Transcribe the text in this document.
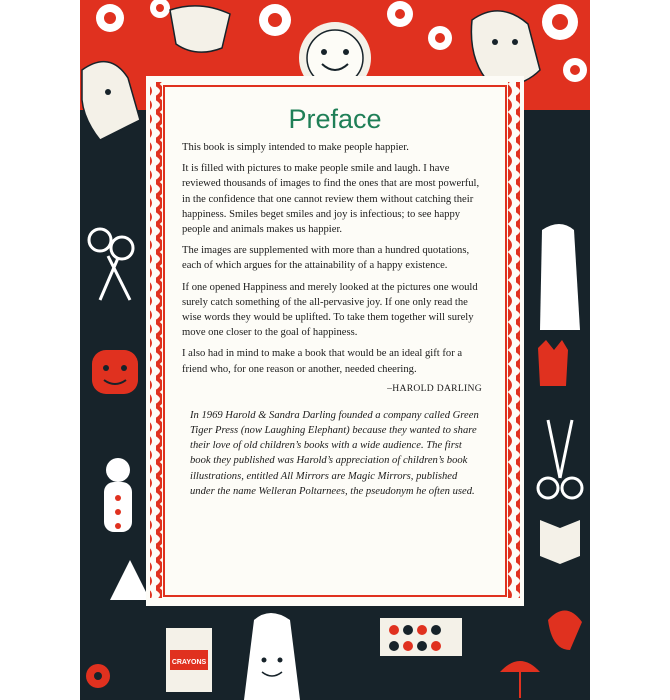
CRAYONS
Preface

This book is simply intended to make people happier.

It is filled with pictures to make people smile and laugh. I have reviewed thousands of images to find the ones that are most powerful, in the confidence that one cannot review them without catching their happiness. Smiles beget smiles and joy is infectious; to see happy people and animals makes us happier.

The images are supplemented with more than a hundred quotations, each of which argues for the attainability of a happy existence.

If one opened Happiness and merely looked at the pictures one would surely catch something of the all-pervasive joy. If one only read the wise words they would be uplifted. To take them together will surely move one closer to the goal of happiness.

I also had in mind to make a book that would be an ideal gift for a friend who, for one reason or another, needed cheering.

–HAROLD DARLING

In 1969 Harold & Sandra Darling founded a company called Green Tiger Press (now Laughing Elephant) because they wanted to share their love of old children’s books with a wide audience. The first book they published was Harold’s appreciation of children’s book illustrations, entitled All Mirrors are Magic Mirrors, published under the name Welleran Poltarnees, the pseudonym he often used.
